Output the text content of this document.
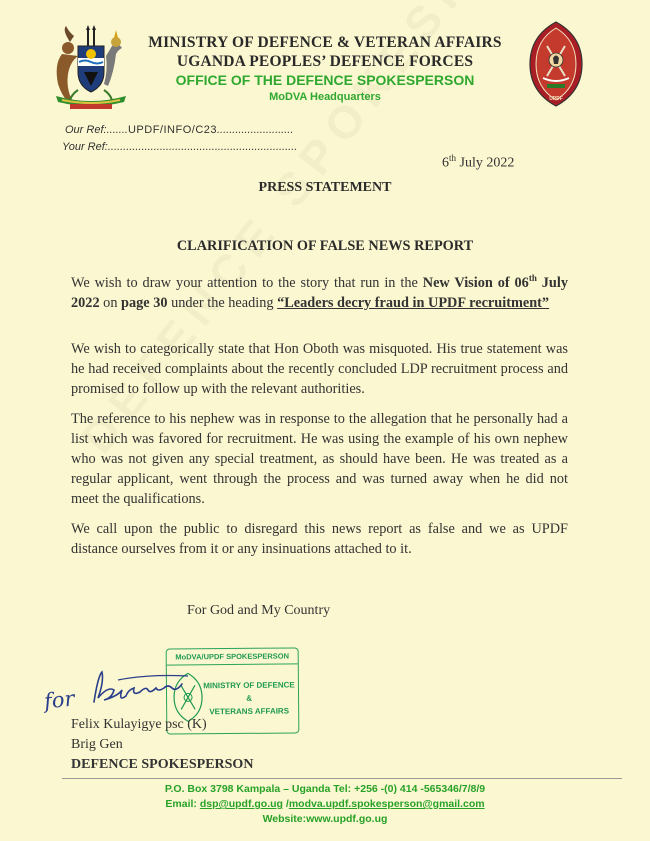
UPDF
MINISTRY OF DEFENCE & VETERAN AFFAIRS
UGANDA PEOPLES’ DEFENCE FORCES
OFFICE OF THE DEFENCE SPOKESPERSON
MoDVA Headquarters
Our Ref:.......UPDF/INFO/C23.........................
Your Ref:..............................................................
6th July 2022
PRESS STATEMENT
CLARIFICATION OF FALSE NEWS REPORT

We wish to draw your attention to the story that run in the New Vision of 06th July 2022 on page 30 under the heading “Leaders decry fraud in UPDF recruitment”

We wish to categorically state that Hon Oboth was misquoted. His true statement was he had received complaints about the recently concluded LDP recruitment process and promised to follow up with the relevant authorities.

The reference to his nephew was in response to the allegation that he personally had a list which was favored for recruitment. He was using the example of his own nephew who was not given any special treatment, as should have been. He was treated as a regular applicant, went through the process and was turned away when he did not meet the qualifications.

We call upon the public to disregard this news report as false and we as UPDF distance ourselves from it or any insinuations attached to it.

For God and My Country
MoDVA/UPDF SPOKESPERSON
MINISTRY OF DEFENCE
&
VETERANS AFFAIRS
for
Felix Kulayigye psc (K)
Brig Gen
DEFENCE SPOKESPERSON
P.O. Box 3798 Kampala – Uganda Tel: +256 -(0) 414 -565346/7/8/9
Email: dsp@updf.go.ug /modva.updf.spokesperson@gmail.com
Website:www.updf.go.ug
